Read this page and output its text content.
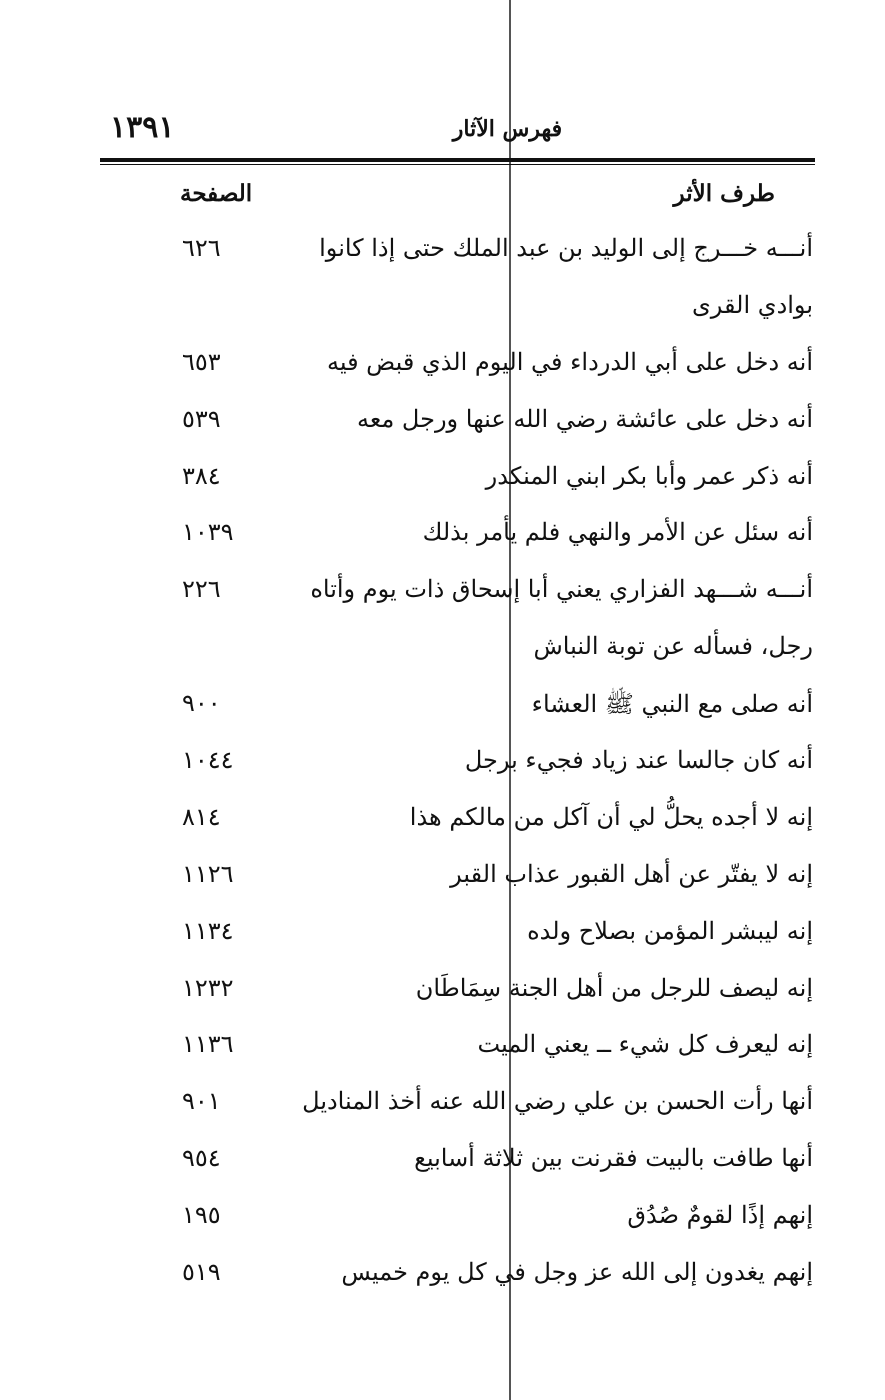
١٣٩١	فهرس الآثار
طرف الأثر
الصفحة
أنـــه خـــرج إلى الوليد بن عبد الملك حتى إذا كانوا
٦٢٦
بوادي القرى
أنه دخل على أبي الدرداء في اليوم الذي قبض فيه
٦٥٣
أنه دخل على عائشة رضي الله عنها ورجل معه
٥٣٩
أنه ذكر عمر وأبا بكر ابني المنكدر
٣٨٤
أنه سئل عن الأمر والنهي فلم يأمر بذلك
١٠٣٩
أنـــه شـــهد الفزاري يعني أبا إسحاق ذات يوم وأتاه
٢٢٦
رجل، فسأله عن توبة النباش
أنه صلى مع النبي ﷺ العشاء
٩٠٠
أنه كان جالسا عند زياد فجيء برجل
١٠٤٤
إنه لا أجده يحلُّ لي أن آكل من مالكم هذا
٨١٤
إنه لا يفتّر عن أهل القبور عذاب القبر
١١٢٦
إنه ليبشر المؤمن بصلاح ولده
١١٣٤
إنه ليصف للرجل من أهل الجنة سِمَاطَان
١٢٣٢
إنه ليعرف كل شيء ــ يعني الميت
١١٣٦
أنها رأت الحسن بن علي رضي الله عنه أخذ المناديل
٩٠١
أنها طافت بالبيت فقرنت بين ثلاثة أسابيع
٩٥٤
إنهم إذًا لقومٌ صُدُق
١٩٥
إنهم يغدون إلى الله عز وجل في كل يوم خميس
٥١٩
